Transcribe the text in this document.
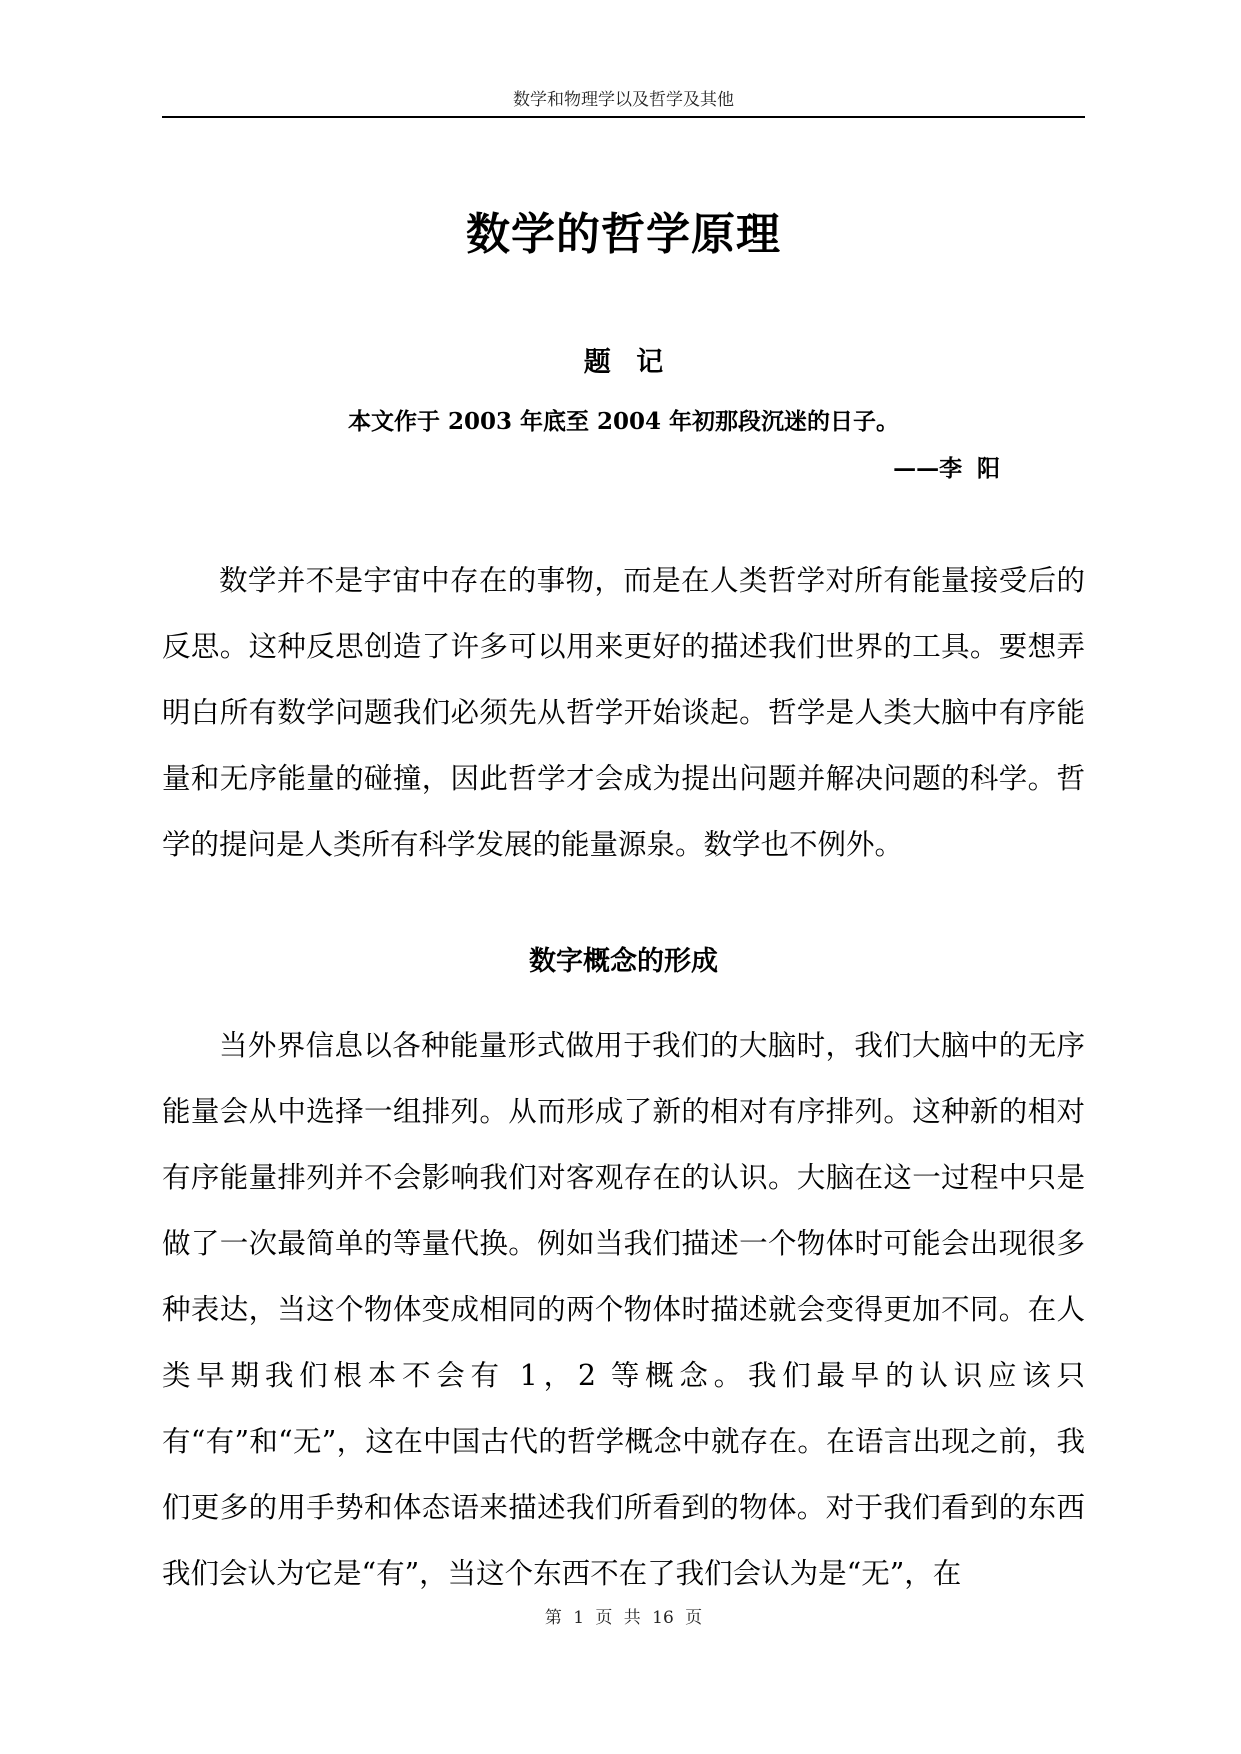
数学和物理学以及哲学及其他
数学的哲学原理
题 记
本文作于 2003 年底至 2004 年初那段沉迷的日子。
——李 阳

数学并不是宇宙中存在的事物，而是在人类哲学对所有能量接受后的反思。这种反思创造了许多可以用来更好的描述我们世界的工具。要想弄明白所有数学问题我们必须先从哲学开始谈起。哲学是人类大脑中有序能量和无序能量的碰撞，因此哲学才会成为提出问题并解决问题的科学。哲学的提问是人类所有科学发展的能量源泉。数学也不例外。

数字概念的形成

当外界信息以各种能量形式做用于我们的大脑时，我们大脑中的无序能量会从中选择一组排列。从而形成了新的相对有序排列。这种新的相对有序能量排列并不会影响我们对客观存在的认识。大脑在这一过程中只是做了一次最简单的等量代换。例如当我们描述一个物体时可能会出现很多种表达，当这个物体变成相同的两个物体时描述就会变得更加不同。在人类早期我们根本不会有 1，2 等概念。我们最早的认识应该只有“有”和“无”，这在中国古代的哲学概念中就存在。在语言出现之前，我们更多的用手势和体态语来描述我们所看到的物体。对于我们看到的东西我们会认为它是“有”，当这个东西不在了我们会认为是“无”，在

第 1 页 共 16 页
